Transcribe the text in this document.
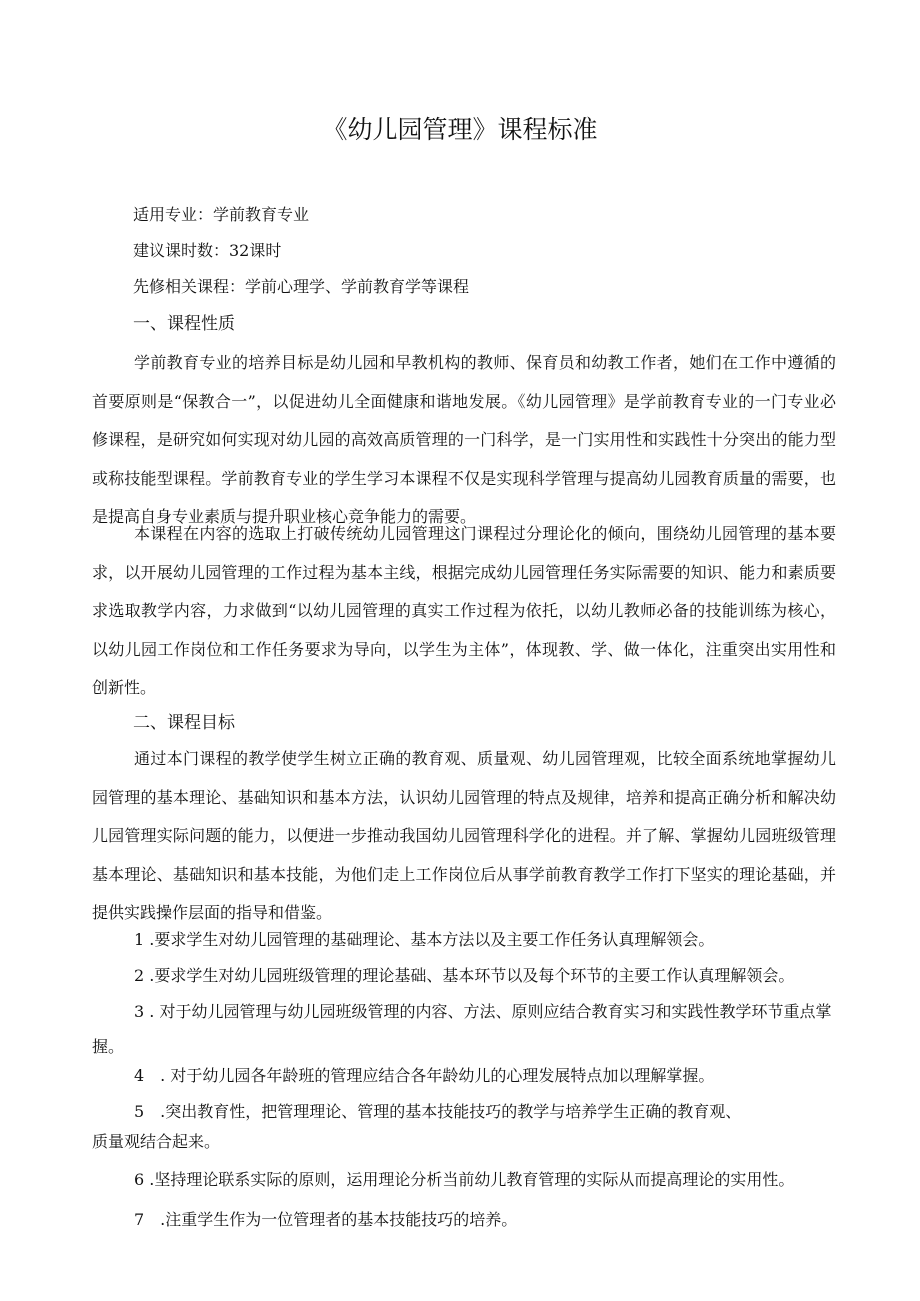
《幼儿园管理》课程标准
适用专业：学前教育专业
建议课时数：32课时
先修相关课程：学前心理学、学前教育学等课程
一、课程性质
学前教育专业的培养目标是幼儿园和早教机构的教师、保育员和幼教工作者，她们在工作中遵循的首要原则是“保教合一”，以促进幼儿全面健康和谐地发展。《幼儿园管理》是学前教育专业的一门专业必修课程，是研究如何实现对幼儿园的高效高质管理的一门科学，是一门实用性和实践性十分突出的能力型或称技能型课程。学前教育专业的学生学习本课程不仅是实现科学管理与提高幼儿园教育质量的需要，也是提高自身专业素质与提升职业核心竞争能力的需要。
本课程在内容的选取上打破传统幼儿园管理这门课程过分理论化的倾向，围绕幼儿园管理的基本要求，以开展幼儿园管理的工作过程为基本主线，根据完成幼儿园管理任务实际需要的知识、能力和素质要求选取教学内容，力求做到“以幼儿园管理的真实工作过程为依托，以幼儿教师必备的技能训练为核心，以幼儿园工作岗位和工作任务要求为导向，以学生为主体”，体现教、学、做一体化，注重突出实用性和创新性。
二、课程目标
通过本门课程的教学使学生树立正确的教育观、质量观、幼儿园管理观，比较全面系统地掌握幼儿园管理的基本理论、基础知识和基本方法，认识幼儿园管理的特点及规律，培养和提高正确分析和解决幼儿园管理实际问题的能力，以便进一步推动我国幼儿园管理科学化的进程。并了解、掌握幼儿园班级管理基本理论、基础知识和基本技能，为他们走上工作岗位后从事学前教育教学工作打下坚实的理论基础，并提供实践操作层面的指导和借鉴。
1 .要求学生对幼儿园管理的基础理论、基本方法以及主要工作任务认真理解领会。
2 .要求学生对幼儿园班级管理的理论基础、基本环节以及每个环节的主要工作认真理解领会。
3 . 对于幼儿园管理与幼儿园班级管理的内容、方法、原则应结合教育实习和实践性教学环节重点掌握。
4　. 对于幼儿园各年龄班的管理应结合各年龄幼儿的心理发展特点加以理解掌握。
5　.突出教育性，把管理理论、管理的基本技能技巧的教学与培养学生正确的教育观、
质量观结合起来。
6 .坚持理论联系实际的原则，运用理论分析当前幼儿教育管理的实际从而提高理论的实用性。
7　.注重学生作为一位管理者的基本技能技巧的培养。
